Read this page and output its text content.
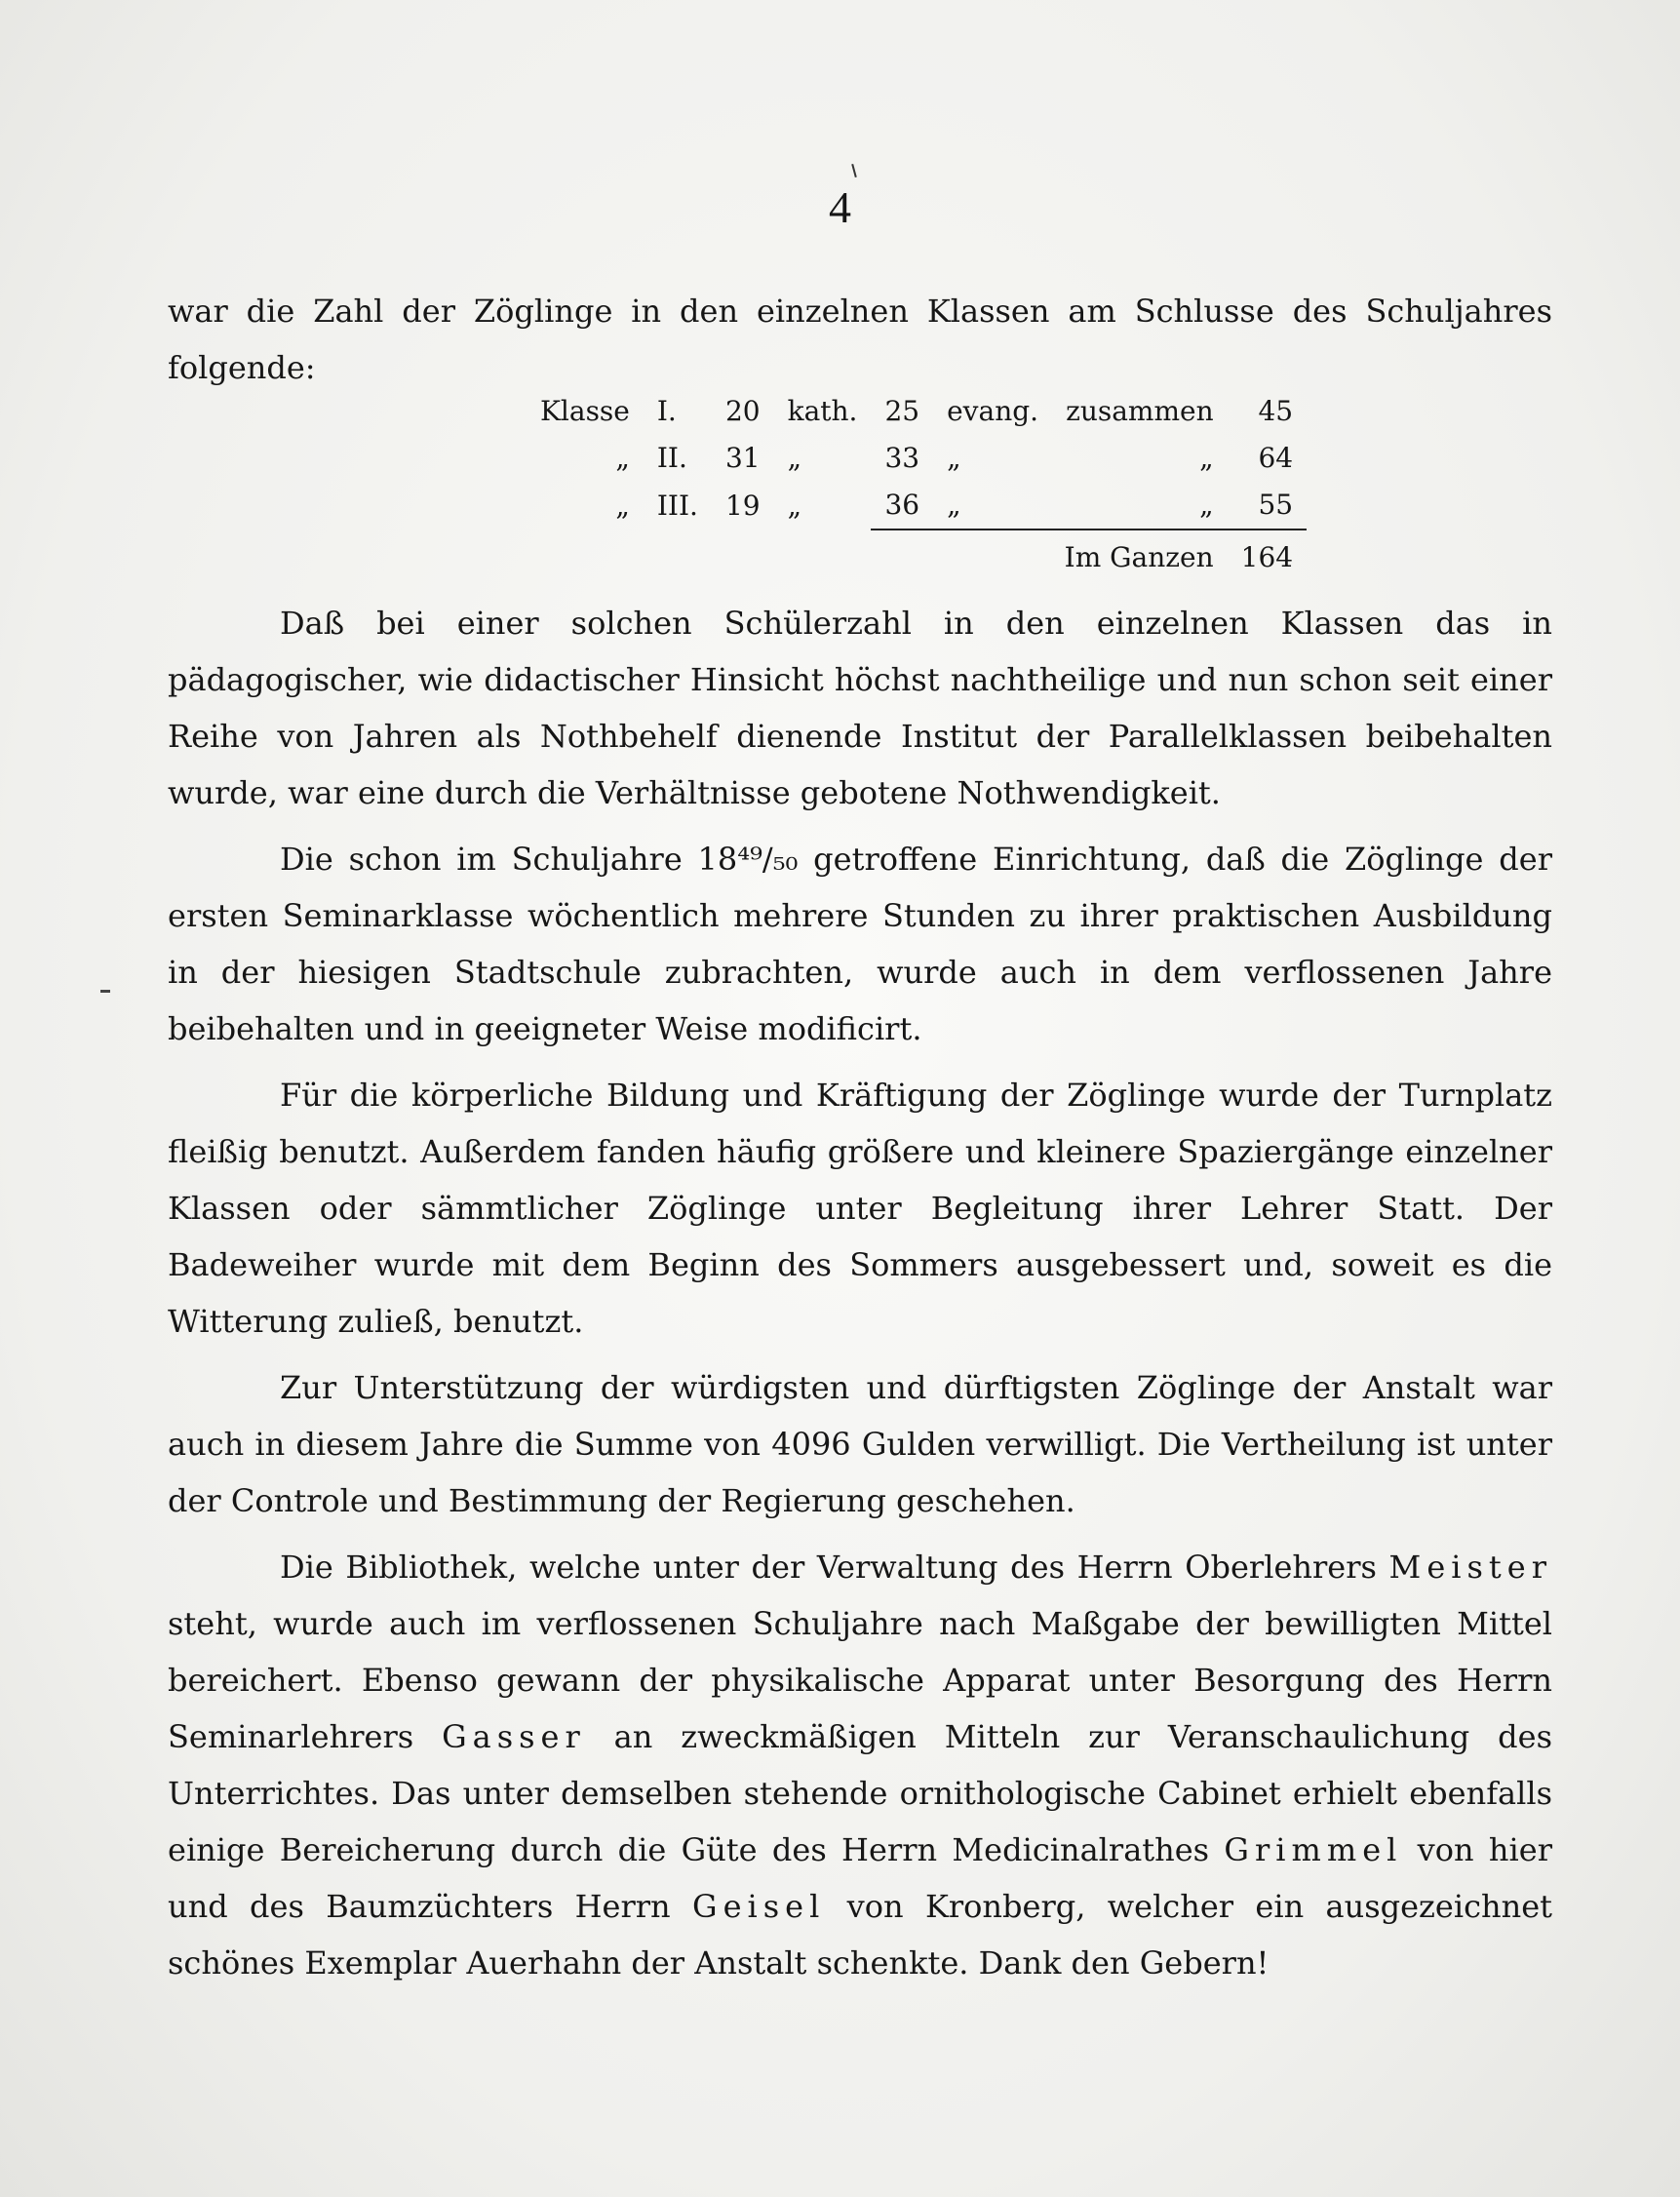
4

war die Zahl der Zöglinge in den einzelnen Klassen am Schlusse des Schuljahres folgende:

Klasse	I.	20	kath.	25	evang.	zusammen	45
„	II.	31	„	33	„	„	64
„	III.	19	„	36	„	„	55
					Im Ganzen		164

Daß bei einer solchen Schülerzahl in den einzelnen Klassen das in pädagogischer, wie didactischer Hinsicht höchst nachtheilige und nun schon seit einer Reihe von Jahren als Nothbehelf dienende Institut der Parallelklassen beibehalten wurde, war eine durch die Verhältnisse gebotene Nothwendigkeit.

Die schon im Schuljahre 18⁴⁹/₅₀ getroffene Einrichtung, daß die Zöglinge der ersten Seminarklasse wöchentlich mehrere Stunden zu ihrer praktischen Ausbildung in der hiesigen Stadtschule zubrachten, wurde auch in dem verflossenen Jahre beibehalten und in geeigneter Weise modificirt.

Für die körperliche Bildung und Kräftigung der Zöglinge wurde der Turnplatz fleißig benutzt. Außerdem fanden häufig größere und kleinere Spaziergänge einzelner Klassen oder sämmtlicher Zöglinge unter Begleitung ihrer Lehrer Statt. Der Badeweiher wurde mit dem Beginn des Sommers ausgebessert und, soweit es die Witterung zuließ, benutzt.

Zur Unterstützung der würdigsten und dürftigsten Zöglinge der Anstalt war auch in diesem Jahre die Summe von 4096 Gulden verwilligt. Die Vertheilung ist unter der Controle und Bestimmung der Regierung geschehen.

Die Bibliothek, welche unter der Verwaltung des Herrn Oberlehrers Meister steht, wurde auch im verflossenen Schuljahre nach Maßgabe der bewilligten Mittel bereichert. Ebenso gewann der physikalische Apparat unter Besorgung des Herrn Seminarlehrers Gasser an zweckmäßigen Mitteln zur Veranschaulichung des Unterrichtes. Das unter demselben stehende ornithologische Cabinet erhielt ebenfalls einige Bereicherung durch die Güte des Herrn Medicinalrathes Grimmel von hier und des Baumzüchters Herrn Geisel von Kronberg, welcher ein ausgezeichnet schönes Exemplar Auerhahn der Anstalt schenkte. Dank den Gebern!
